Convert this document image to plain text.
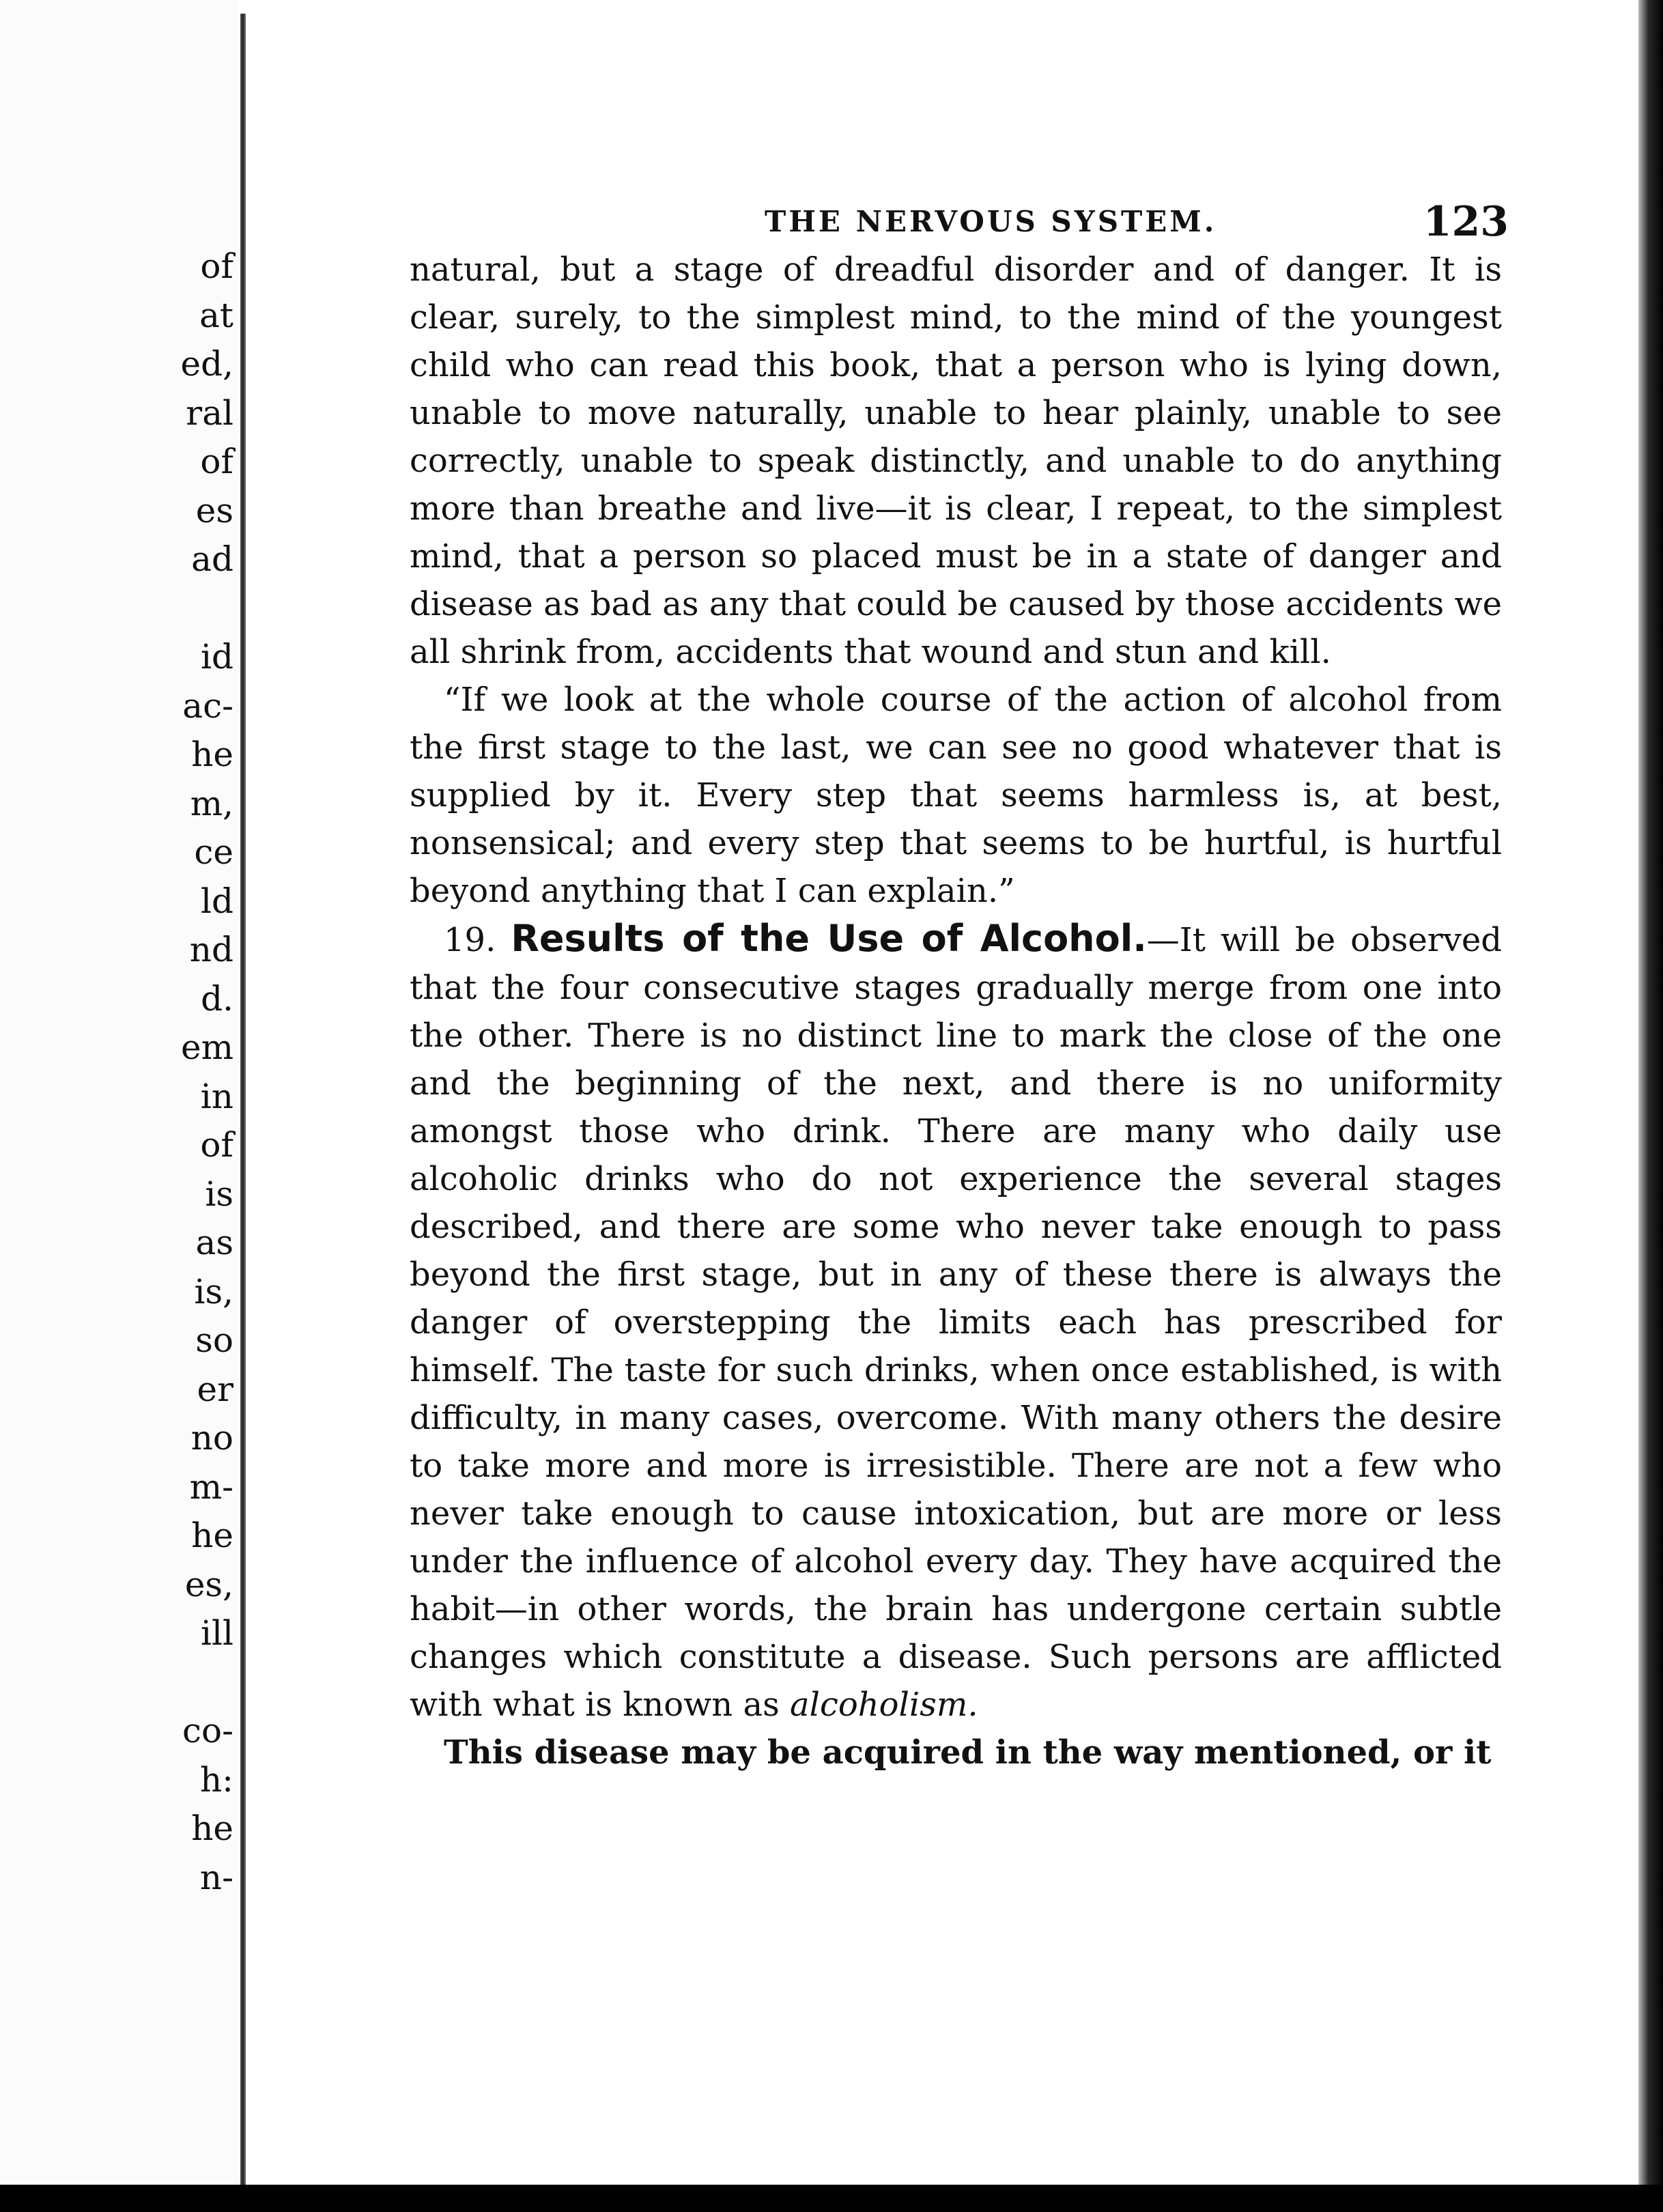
of
at
ed,
ral
of
es
ad
id
ac-
he
m,
ce
ld
nd
d.
em
in
of
is
as
is,
so
er
no
m-
he
es,
ill
co-
h:
he
n-
THE NERVOUS SYSTEM.	123

natural, but a stage of dreadful disorder and of danger. It is clear, surely, to the simplest mind, to the mind of the youngest child who can read this book, that a person who is lying down, unable to move naturally, unable to hear plainly, unable to see correctly, unable to speak distinctly, and unable to do anything more than breathe and live—it is clear, I repeat, to the simplest mind, that a person so placed must be in a state of danger and disease as bad as any that could be caused by those accidents we all shrink from, accidents that wound and stun and kill.

“If we look at the whole course of the action of alcohol from the first stage to the last, we can see no good whatever that is supplied by it. Every step that seems harmless is, at best, nonsensical; and every step that seems to be hurtful, is hurtful beyond anything that I can explain.”

19. Results of the Use of Alcohol.—It will be observed that the four consecutive stages gradually merge from one into the other. There is no distinct line to mark the close of the one and the beginning of the next, and there is no uniformity amongst those who drink. There are many who daily use alcoholic drinks who do not experience the several stages described, and there are some who never take enough to pass beyond the first stage, but in any of these there is always the danger of overstepping the limits each has prescribed for himself. The taste for such drinks, when once established, is with difficulty, in many cases, overcome. With many others the desire to take more and more is irresistible. There are not a few who never take enough to cause intoxication, but are more or less under the influence of alcohol every day. They have acquired the habit—in other words, the brain has undergone certain subtle changes which constitute a disease. Such persons are afflicted with what is known as alcoholism.

This disease may be acquired in the way mentioned, or it
